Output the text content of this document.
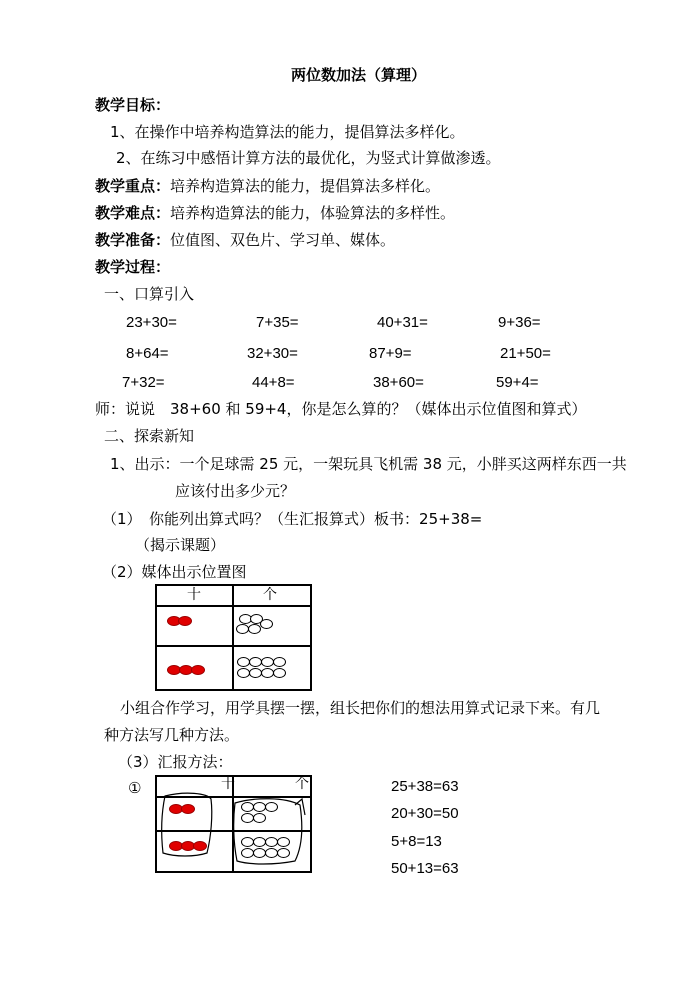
两位数加法（算理）
教学目标：
1、在操作中培养构造算法的能力，提倡算法多样化。
2、在练习中感悟计算方法的最优化，为竖式计算做渗透。
教学重点：培养构造算法的能力，提倡算法多样化。
教学难点：培养构造算法的能力，体验算法的多样性。
教学准备：位值图、双色片、学习单、媒体。
教学过程：
一、口算引入
23+30=	7+35=	40+31=	9+36=
8+64=	32+30=	87+9=	21+50=
7+32=	44+8=	38+60=	59+4=
师：说说　38+60 和 59+4，你是怎么算的？（媒体出示位值图和算式）
二、探索新知
1、出示：一个足球需 25 元，一架玩具飞机需 38 元，小胖买这两样东西一共
应该付出多少元？
（1）　你能列出算式吗？（生汇报算式）板书：25+38=
（揭示课题）
（2）媒体出示位置图
十	个
小组合作学习，用学具摆一摆，组长把你们的想法用算式记录下来。有几
种方法写几种方法。
（3）汇报方法：
①	十	个	25+38=63
20+30=50
5+8=13
50+13=63
